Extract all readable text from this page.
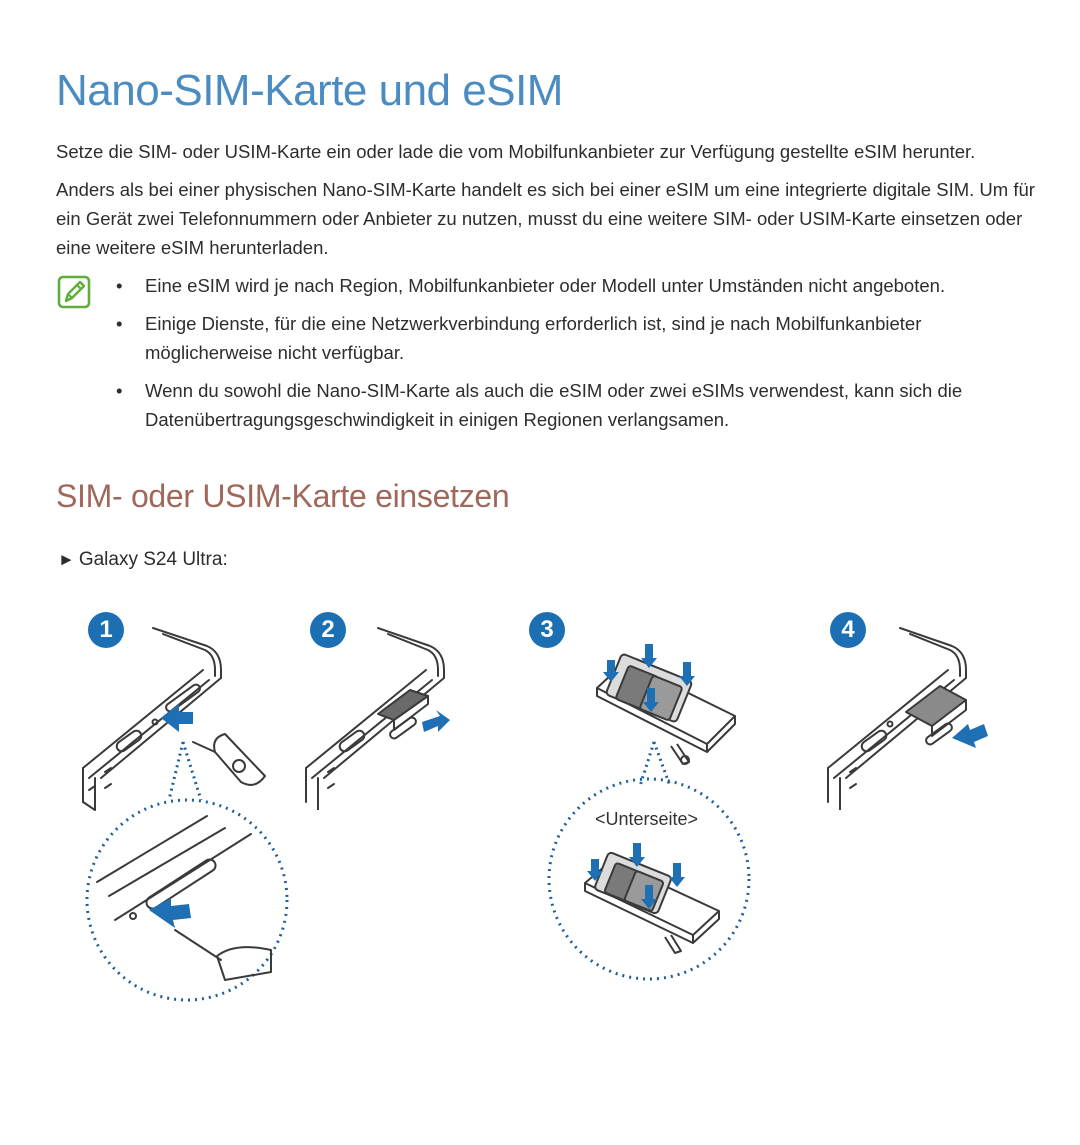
Nano-SIM-Karte und eSIM

Setze die SIM- oder USIM-Karte ein oder lade die vom Mobilfunkanbieter zur Verfügung gestellte eSIM herunter.

Anders als bei einer physischen Nano-SIM-Karte handelt es sich bei einer eSIM um eine integrierte digitale SIM. Um für ein Gerät zwei Telefonnummern oder Anbieter zu nutzen, musst du eine weitere SIM- oder USIM-Karte einsetzen oder eine weitere eSIM herunterladen.

• Eine eSIM wird je nach Region, Mobilfunkanbieter oder Modell unter Umständen nicht angeboten.
• Einige Dienste, für die eine Netzwerkverbindung erforderlich ist, sind je nach Mobilfunkanbieter möglicherweise nicht verfügbar.
• Wenn du sowohl die Nano-SIM-Karte als auch die eSIM oder zwei eSIMs verwendest, kann sich die Datenübertragungsgeschwindigkeit in einigen Regionen verlangsamen.
SIM- oder USIM-Karte einsetzen
► Galaxy S24 Ultra:
1	2	3	4
<Unterseite>
